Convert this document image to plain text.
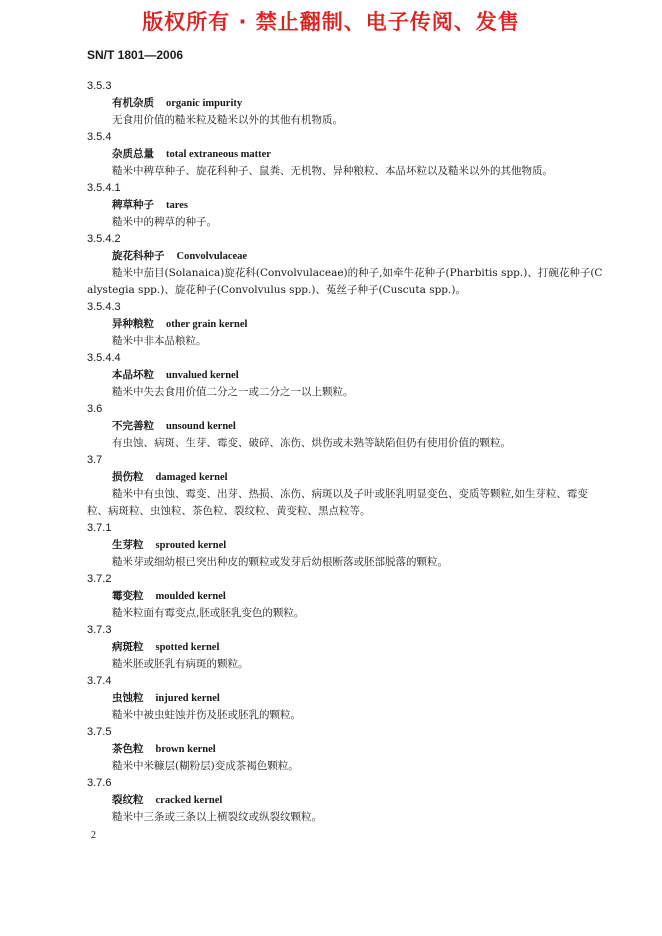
版权所有 · 禁止翻制、电子传阅、发售
SN/T 1801—2006
3.5.3
有机杂质 organic impurity
无食用价值的糙米粒及糙米以外的其他有机物质。
3.5.4
杂质总量 total extraneous matter
糙米中稗草种子、旋花科种子、鼠粪、无机物、异种粮粒、本品坏粒以及糙米以外的其他物质。
3.5.4.1
稗草种子 tares
糙米中的稗草的种子。
3.5.4.2
旋花科种子 Convolvulaceae
糙米中茄目(Solanaica)旋花科(Convolvulaceae)的种子,如牵牛花种子(Pharbitis spp.)、打碗花种子(Calystegia spp.)、旋花种子(Convolvulus spp.)、菟丝子种子(Cuscuta spp.)。
3.5.4.3
异种粮粒 other grain kernel
糙米中非本品粮粒。
3.5.4.4
本品坏粒 unvalued kernel
糙米中失去食用价值二分之一或二分之一以上颗粒。
3.6
不完善粒 unsound kernel
有虫蚀、病斑、生芽、霉变、破碎、冻伤、烘伤或未熟等缺陷但仍有使用价值的颗粒。
3.7
损伤粒 damaged kernel
糙米中有虫蚀、霉变、出芽、热损、冻伤、病斑以及子叶或胚乳明显变色、变质等颗粒,如生芽粒、霉变粒、病斑粒、虫蚀粒、茶色粒、裂纹粒、黄变粒、黑点粒等。
3.7.1
生芽粒 sprouted kernel
糙米芽或细幼根已突出种皮的颗粒或发芽后幼根断落或胚部脱落的颗粒。
3.7.2
霉变粒 moulded kernel
糙米粒面有霉变点,胚或胚乳变色的颗粒。
3.7.3
病斑粒 spotted kernel
糙米胚或胚乳有病斑的颗粒。
3.7.4
虫蚀粒 injured kernel
糙米中被虫蛀蚀并伤及胚或胚乳的颗粒。
3.7.5
茶色粒 brown kernel
糙米中米糠层(糊粉层)变成茶褐色颗粒。
3.7.6
裂纹粒 cracked kernel
糙米中三条或三条以上横裂纹或纵裂纹颗粒。
2
